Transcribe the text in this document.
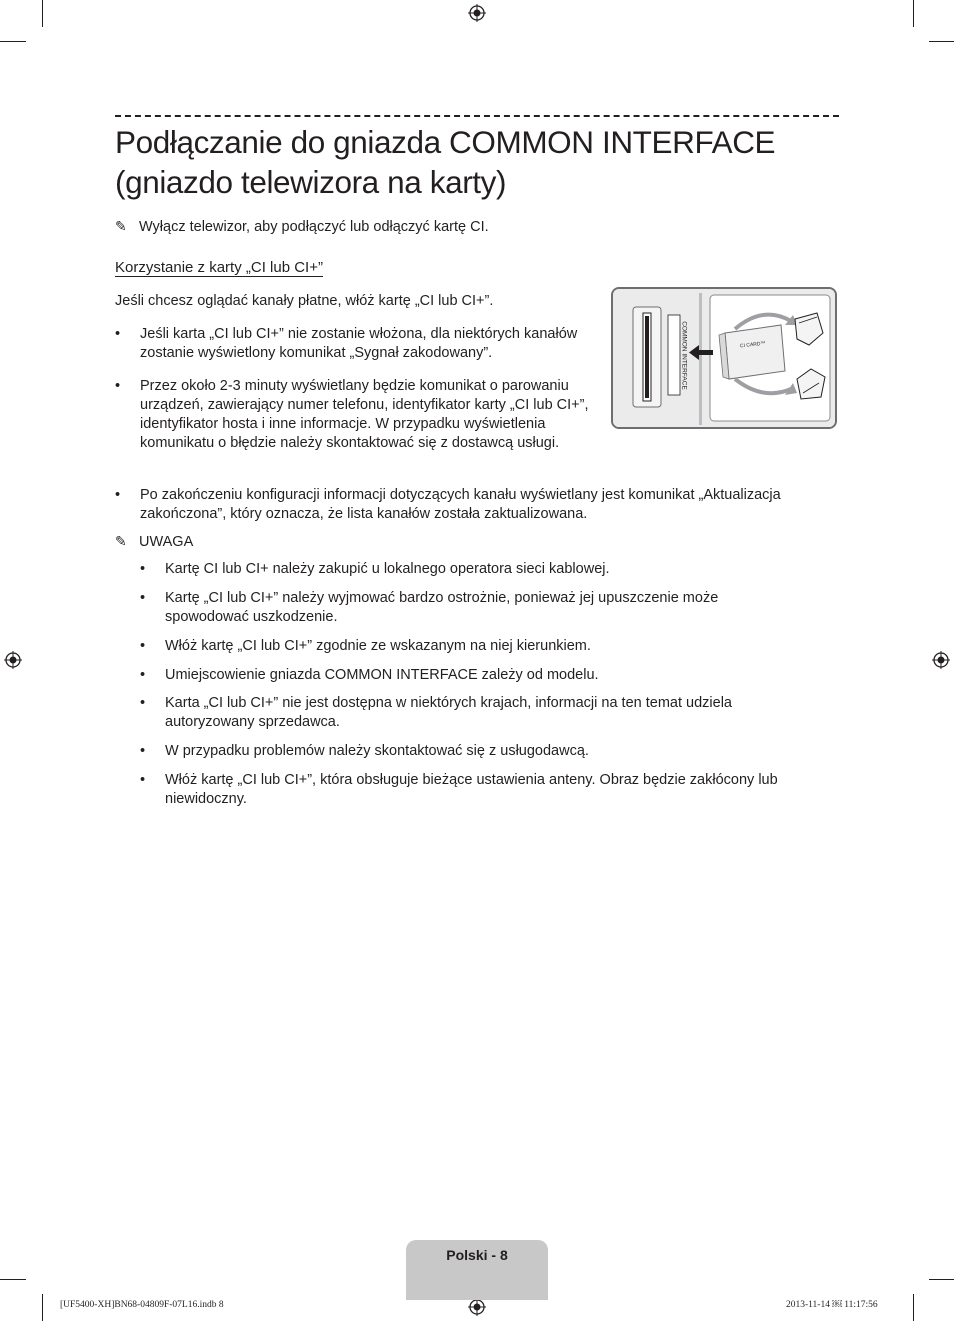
Podłączanie do gniazda COMMON INTERFACE (gniazdo telewizora na karty)
✎ Wyłącz telewizor, aby podłączyć lub odłączyć kartę CI.
Korzystanie z karty „CI lub CI+”
Jeśli chcesz oglądać kanały płatne, włóż kartę „CI lub CI+”.
• Jeśli karta „CI lub CI+” nie zostanie włożona, dla niektórych kanałów zostanie wyświetlony komunikat „Sygnał zakodowany”.
• Przez około 2-3 minuty wyświetlany będzie komunikat o parowaniu urządzeń, zawierający numer telefonu, identyfikator karty „CI lub CI+”, identyfikator hosta i inne informacje. W przypadku wyświetlenia komunikatu o błędzie należy skontaktować się z dostawcą usługi.
• Po zakończeniu konfiguracji informacji dotyczących kanału wyświetlany jest komunikat „Aktualizacja zakończona”, który oznacza, że lista kanałów została zaktualizowana.
COMMON INTERFACE	CI CARD™
✎ UWAGA
• Kartę CI lub CI+ należy zakupić u lokalnego operatora sieci kablowej.
• Kartę „CI lub CI+” należy wyjmować bardzo ostrożnie, ponieważ jej upuszczenie może spowodować uszkodzenie.
• Włóż kartę „CI lub CI+” zgodnie ze wskazanym na niej kierunkiem.
• Umiejscowienie gniazda COMMON INTERFACE zależy od modelu.
• Karta „CI lub CI+” nie jest dostępna w niektórych krajach, informacji na ten temat udziela autoryzowany sprzedawca.
• W przypadku problemów należy skontaktować się z usługodawcą.
• Włóż kartę „CI lub CI+”, która obsługuje bieżące ustawienia anteny. Obraz będzie zakłócony lub niewidoczny.
Polski - 8
[UF5400-XH]BN68-04809F-07L16.indb 8	2013-11-14 ￼ 11:17:56
